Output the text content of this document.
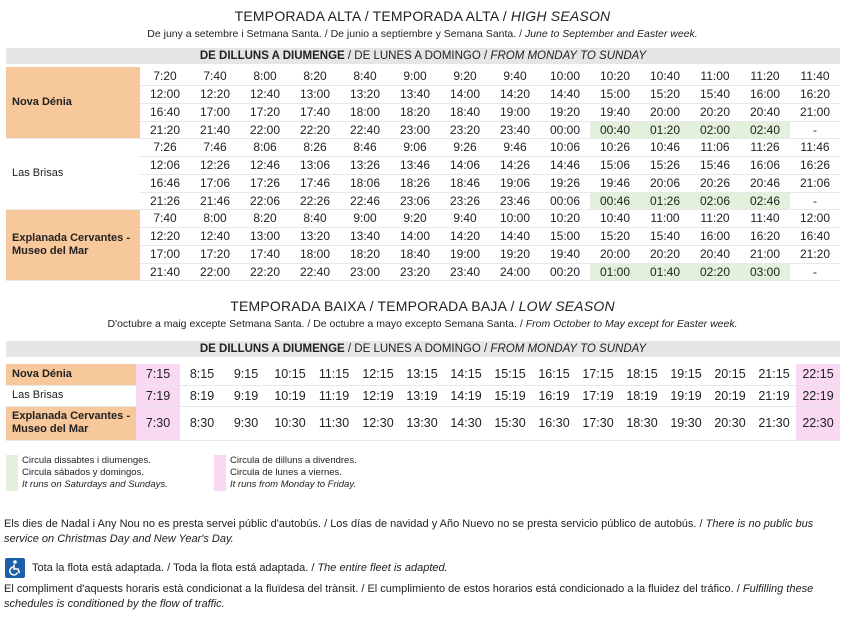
TEMPORADA ALTA / TEMPORADA ALTA / HIGH SEASON
De juny a setembre i Setmana Santa. / De junio a septiembre y Semana Santa. / June to September and Easter week.
DE DILLUNS A DIUMENGE / DE LUNES A DOMINGO / FROM MONDAY TO SUNDAY
Nova Dénia	7:20	7:40	8:00	8:20	8:40	9:00	9:20	9:40	10:00	10:20	10:40	11:00	11:20	11:40
	12:00	12:20	12:40	13:00	13:20	13:40	14:00	14:20	14:40	15:00	15:20	15:40	16:00	16:20
	16:40	17:00	17:20	17:40	18:00	18:20	18:40	19:00	19:20	19:40	20:00	20:20	20:40	21:00
	21:20	21:40	22:00	22:20	22:40	23:00	23:20	23:40	00:00	00:40	01:20	02:00	02:40	-
Las Brisas	7:26	7:46	8:06	8:26	8:46	9:06	9:26	9:46	10:06	10:26	10:46	11:06	11:26	11:46
	12:06	12:26	12:46	13:06	13:26	13:46	14:06	14:26	14:46	15:06	15:26	15:46	16:06	16:26
	16:46	17:06	17:26	17:46	18:06	18:26	18:46	19:06	19:26	19:46	20:06	20:26	20:46	21:06
	21:26	21:46	22:06	22:26	22:46	23:06	23:26	23:46	00:06	00:46	01:26	02:06	02:46	-
Explanada Cervantes - Museo del Mar	7:40	8:00	8:20	8:40	9:00	9:20	9:40	10:00	10:20	10:40	11:00	11:20	11:40	12:00
	12:20	12:40	13:00	13:20	13:40	14:00	14:20	14:40	15:00	15:20	15:40	16:00	16:20	16:40
	17:00	17:20	17:40	18:00	18:20	18:40	19:00	19:20	19:40	20:00	20:20	20:40	21:00	21:20
	21:40	22:00	22:20	22:40	23:00	23:20	23:40	24:00	00:20	01:00	01:40	02:20	03:00	-
TEMPORADA BAIXA / TEMPORADA BAJA / LOW SEASON
D'octubre a maig excepte Setmana Santa. / De octubre a mayo excepto Semana Santa. / From October to May except for Easter week.
DE DILLUNS A DIUMENGE / DE LUNES A DOMINGO / FROM MONDAY TO SUNDAY
Nova Dénia	7:15	8:15	9:15	10:15	11:15	12:15	13:15	14:15	15:15	16:15	17:15	18:15	19:15	20:15	21:15	22:15
Las Brisas	7:19	8:19	9:19	10:19	11:19	12:19	13:19	14:19	15:19	16:19	17:19	18:19	19:19	20:19	21:19	22:19
Explanada Cervantes - Museo del Mar	7:30	8:30	9:30	10:30	11:30	12:30	13:30	14:30	15:30	16:30	17:30	18:30	19:30	20:30	21:30	22:30
Circula dissabtes i diumenges.
Circula sábados y domingos.
It runs on Saturdays and Sundays.
Circula de dilluns a divendres.
Circula de lunes a viernes.
It runs from Monday to Friday.
Els dies de Nadal i Any Nou no es presta servei públic d'autobús. / Los días de navidad y Año Nuevo no se presta servicio público de autobús. / There is no public bus service on Christmas Day and New Year's Day.
Tota la flota està adaptada. / Toda la flota está adaptada. / The entire fleet is adapted.
El compliment d'aquests horaris està condicionat a la fluïdesa del trànsit. / El cumplimiento de estos horarios está condicionado a la fluidez del tráfico. / Fulfilling these schedules is conditioned by the flow of traffic.
